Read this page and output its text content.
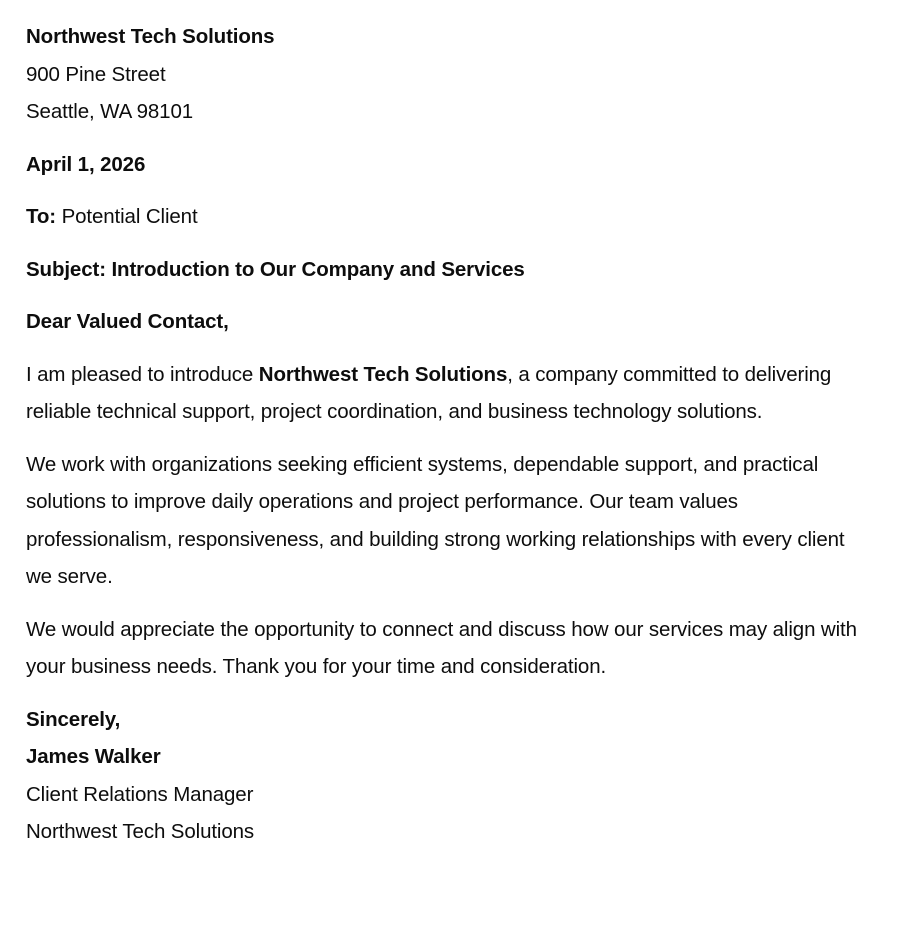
Northwest Tech Solutions
900 Pine Street
Seattle, WA 98101
April 1, 2026
To: Potential Client
Subject: Introduction to Our Company and Services
Dear Valued Contact,

I am pleased to introduce Northwest Tech Solutions, a company committed to delivering reliable technical support, project coordination, and business technology solutions.

We work with organizations seeking efficient systems, dependable support, and practical solutions to improve daily operations and project performance. Our team values professionalism, responsiveness, and building strong working relationships with every client we serve.

We would appreciate the opportunity to connect and discuss how our services may align with your business needs. Thank you for your time and consideration.

Sincerely,
James Walker
Client Relations Manager
Northwest Tech Solutions
